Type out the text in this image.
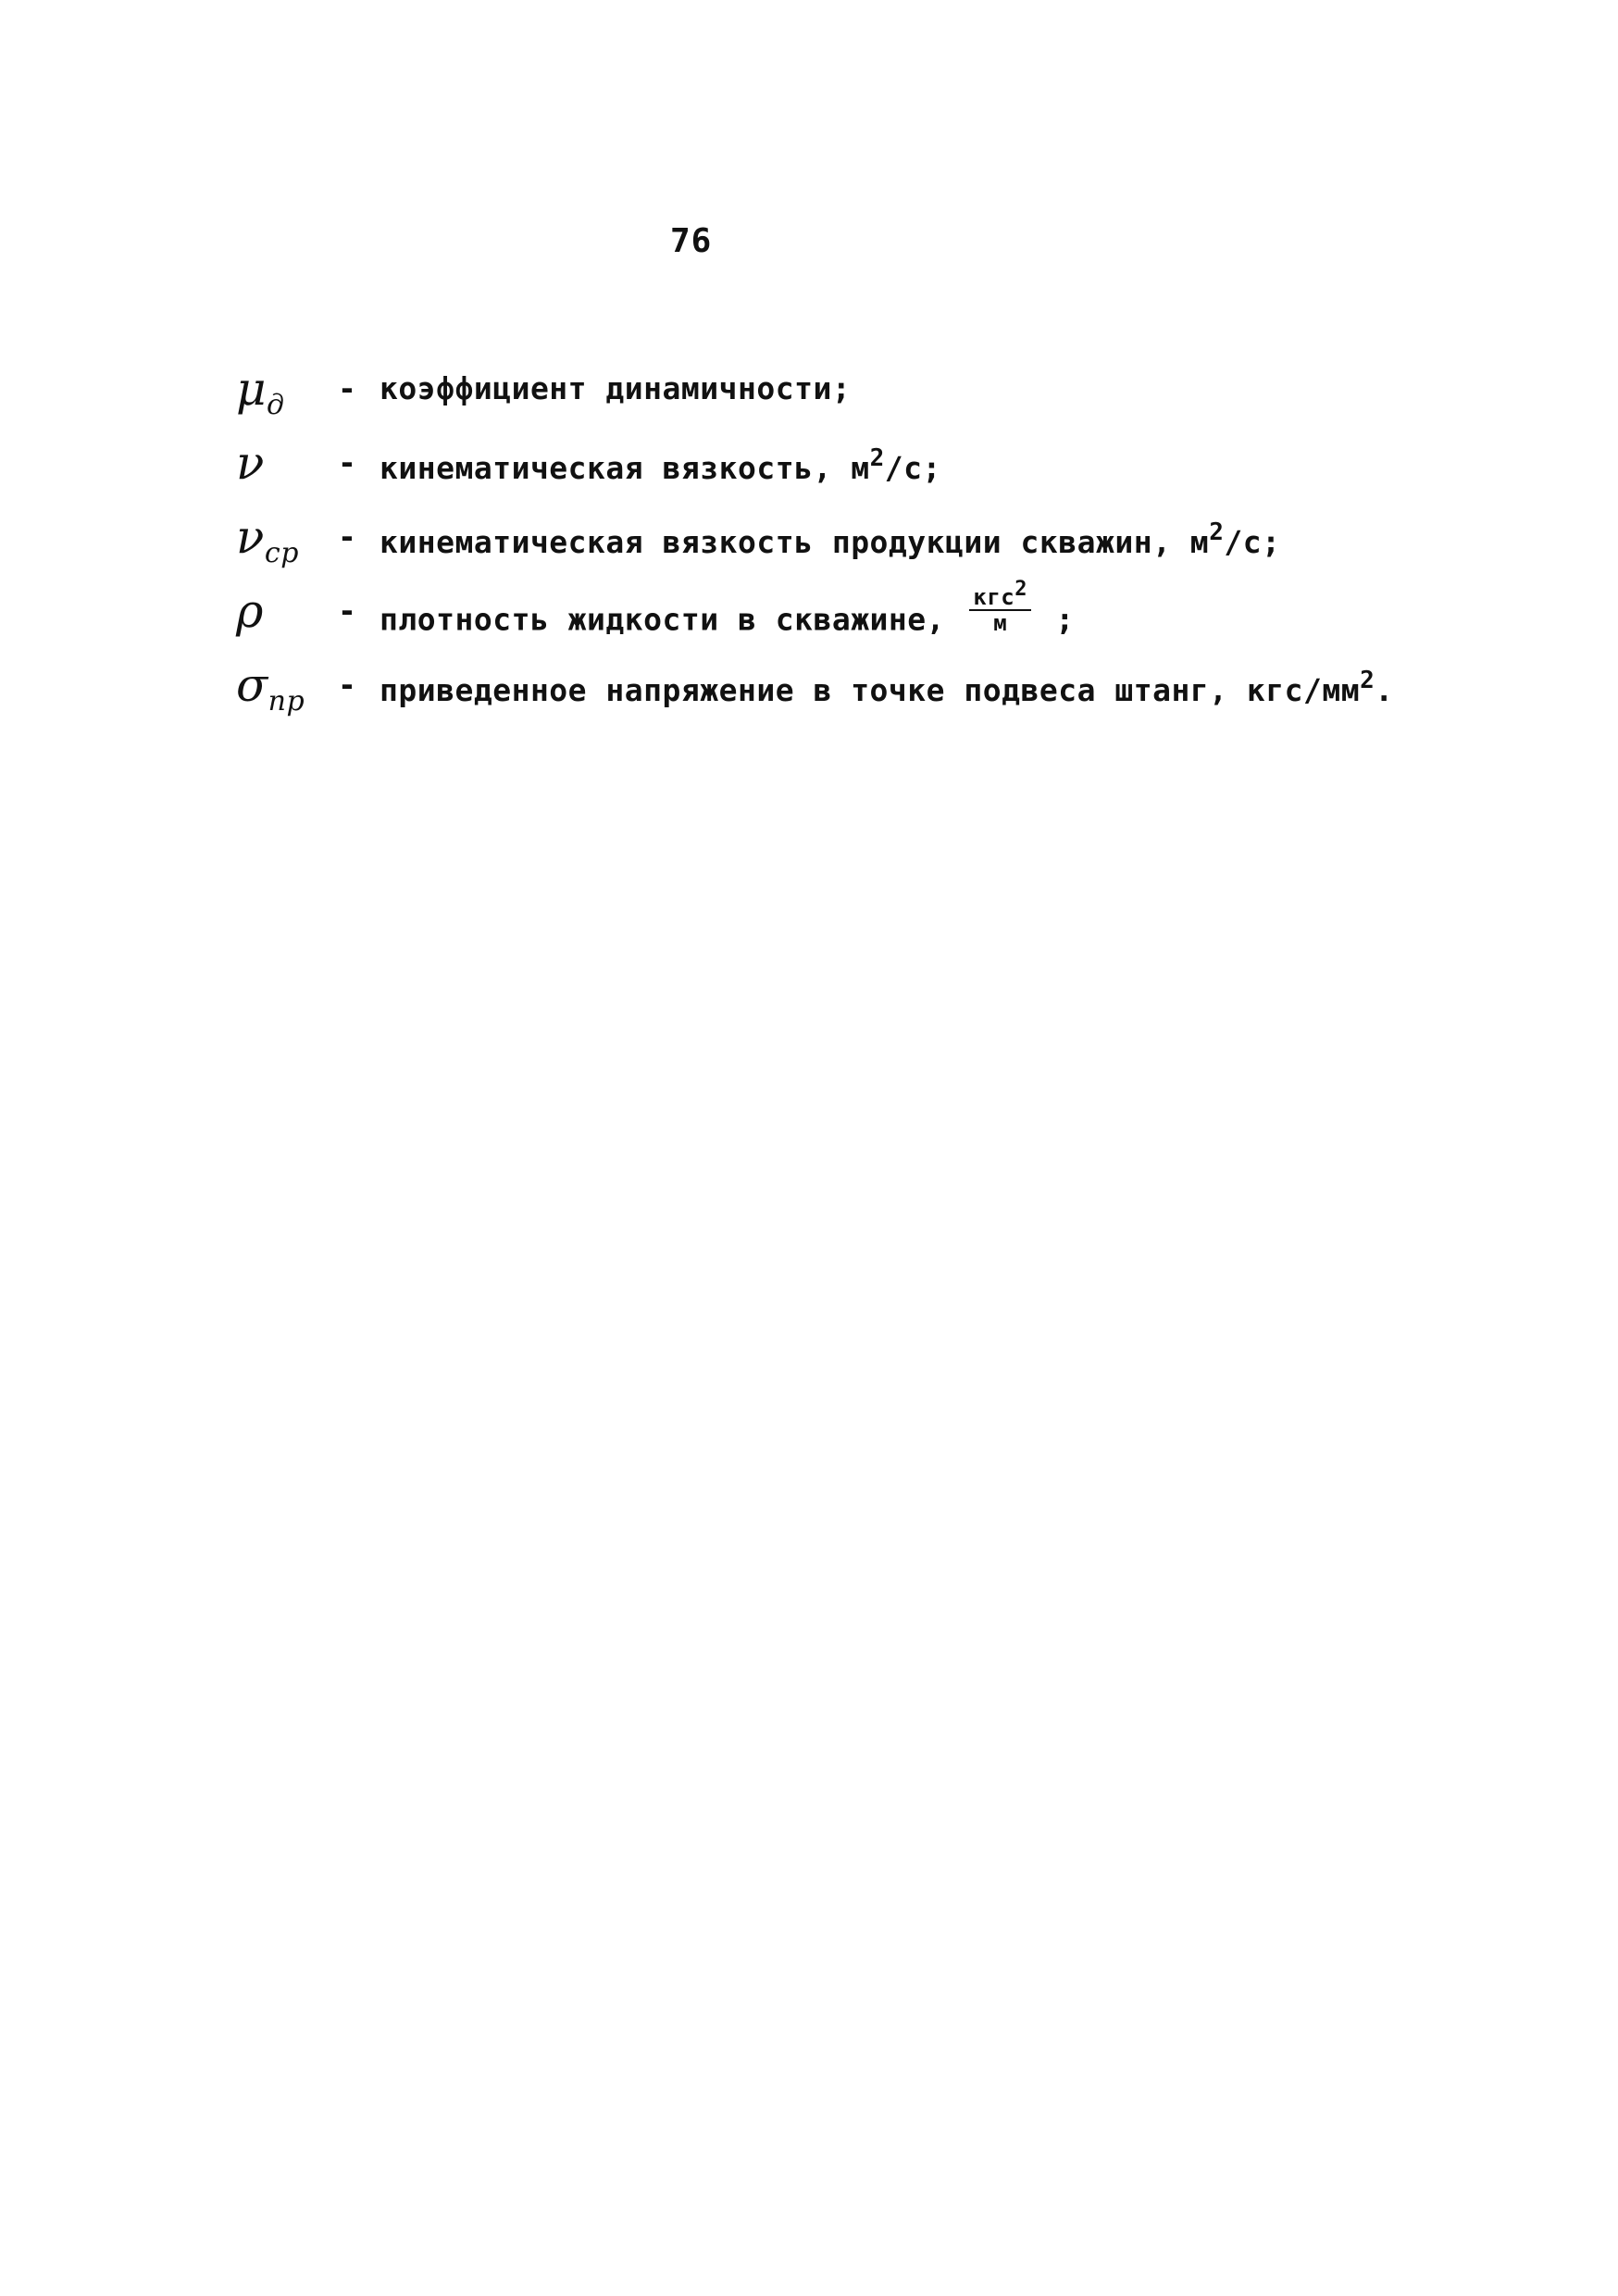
76
$\mu_д$	- коэффициент динамичности;
ν	- кинематическая вязкость, $м^2/с$;
$\nu_{ср}$	- кинематическая вязкость продукции скважин, $м^2/с$;
ρ	- плотность жидкости в скважине, $\frac{кгс^2}{м}$ ;
$\sigma_{пр}$	- приведенное напряжение в точке подвеса штанг, кгс/$мм^2$.
